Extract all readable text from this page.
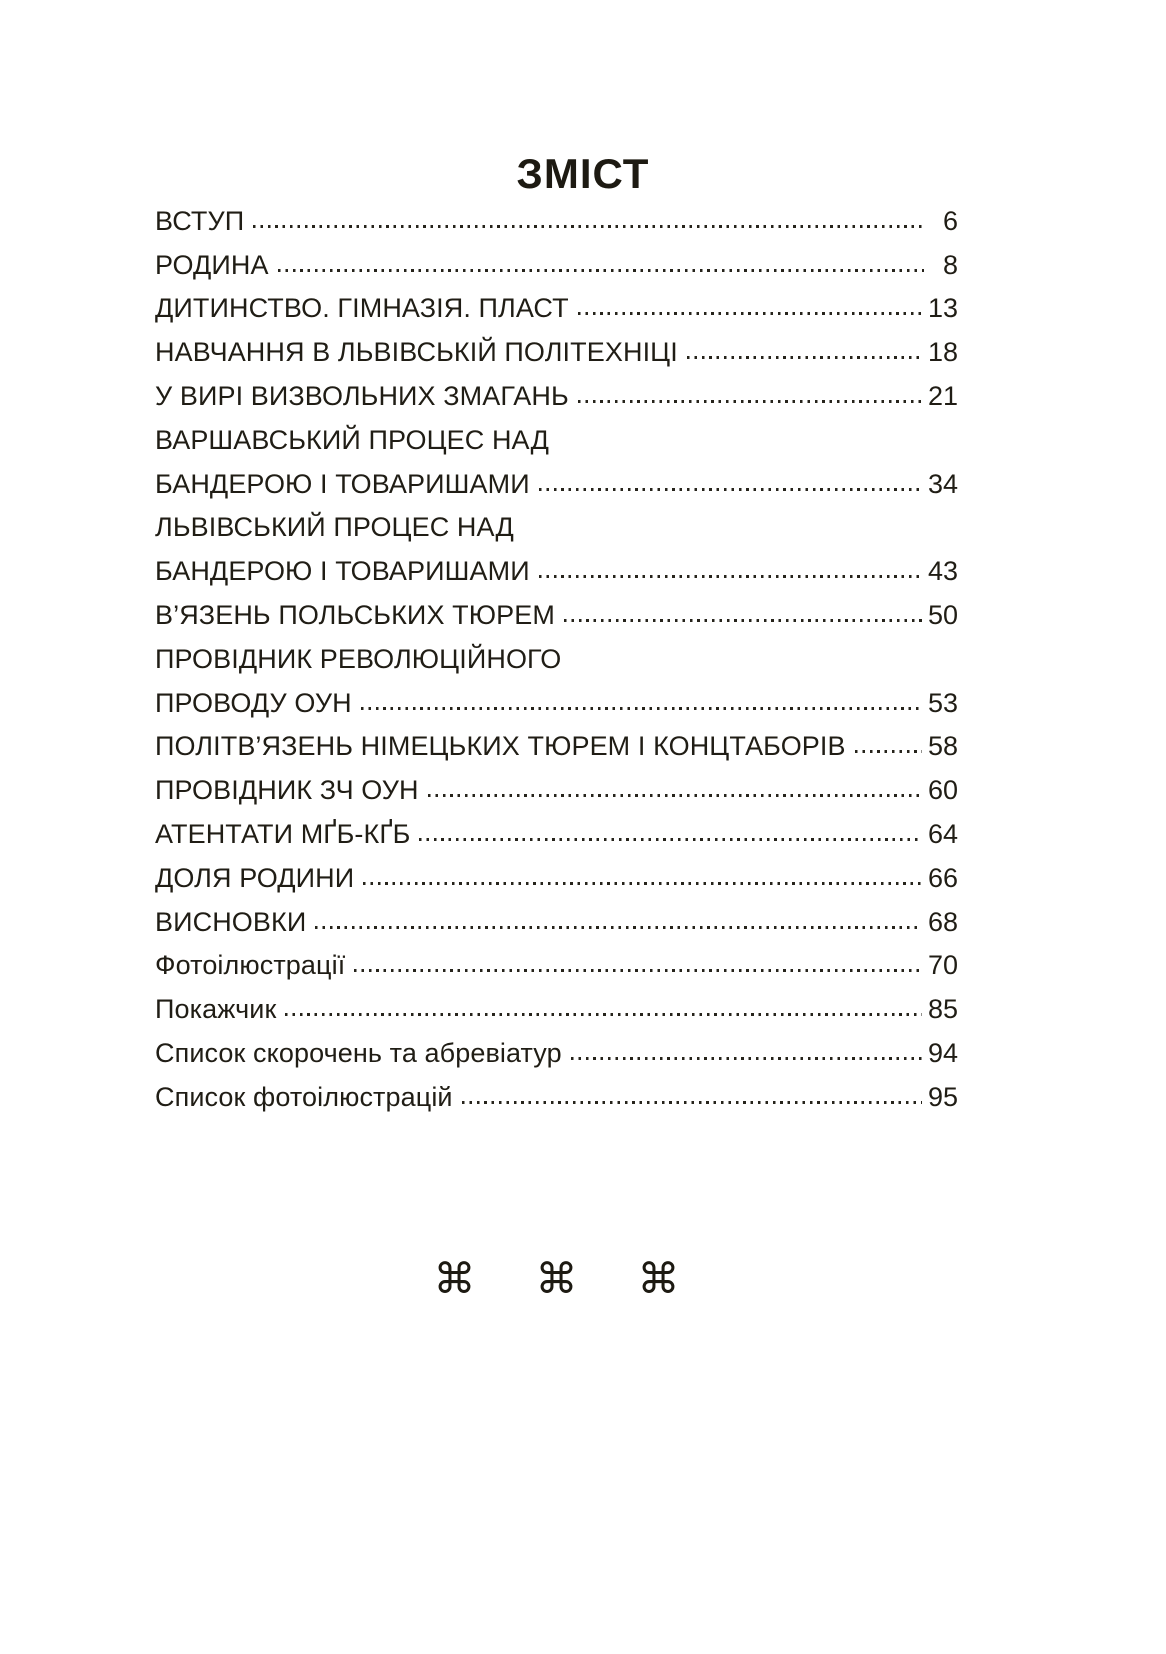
ЗМІСТ
ВСТУП	6
РОДИНА	8
ДИТИНСТВО. ГІМНАЗІЯ. ПЛАСТ	13
НАВЧАННЯ В ЛЬВІВСЬКІЙ ПОЛІТЕХНІЦІ	18
У ВИРІ ВИЗВОЛЬНИХ ЗМАГАНЬ	21
ВАРШАВСЬКИЙ ПРОЦЕС НАД
БАНДЕРОЮ І ТОВАРИШАМИ	34
ЛЬВІВСЬКИЙ ПРОЦЕС НАД
БАНДЕРОЮ І ТОВАРИШАМИ	43
В’ЯЗЕНЬ ПОЛЬСЬКИХ ТЮРЕМ	50
ПРОВІДНИК РЕВОЛЮЦІЙНОГО
ПРОВОДУ ОУН	53
ПОЛІТВ’ЯЗЕНЬ НІМЕЦЬКИХ ТЮРЕМ І КОНЦТАБОРІВ	58
ПРОВІДНИК ЗЧ ОУН	60
АТЕНТАТИ МҐБ-КҐБ	64
ДОЛЯ РОДИНИ	66
ВИСНОВКИ	68
Фотоілюстрації	70
Покажчик	85
Список скорочень та абревіатур	94
Список фотоілюстрацій	95
⌘ ⌘ ⌘
